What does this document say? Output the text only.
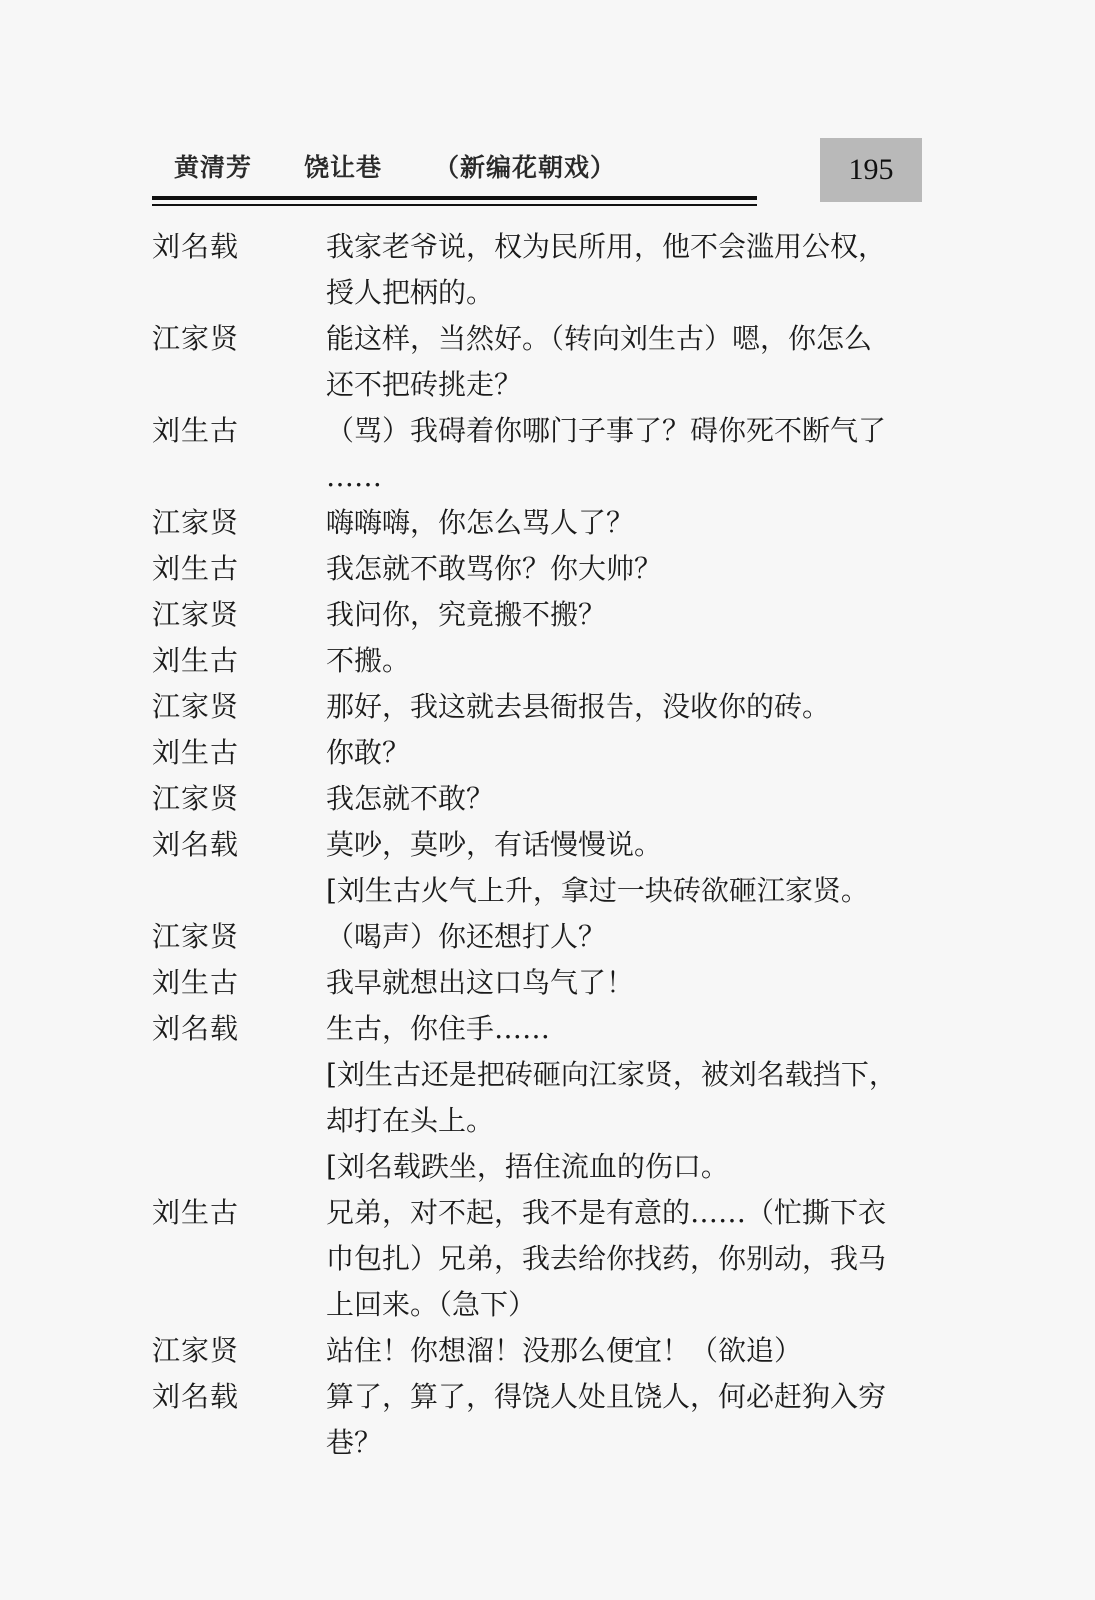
黄清芳 饶让巷 （新编花朝戏）	195
刘名载	我家老爷说，权为民所用，他不会滥用公权，
授人把柄的。
江家贤	能这样，当然好。（转向刘生古）嗯，你怎么
还不把砖挑走？
刘生古	（骂）我碍着你哪门子事了？碍你死不断气了
……
江家贤	嗨嗨嗨，你怎么骂人了？
刘生古	我怎就不敢骂你？你大帅？
江家贤	我问你，究竟搬不搬？
刘生古	不搬。
江家贤	那好，我这就去县衙报告，没收你的砖。
刘生古	你敢？
江家贤	我怎就不敢？
刘名载	莫吵，莫吵，有话慢慢说。
[刘生古火气上升，拿过一块砖欲砸江家贤。
江家贤	（喝声）你还想打人？
刘生古	我早就想出这口鸟气了！
刘名载	生古，你住手……
[刘生古还是把砖砸向江家贤，被刘名载挡下，
却打在头上。
[刘名载跌坐，捂住流血的伤口。
刘生古	兄弟，对不起，我不是有意的……（忙撕下衣
巾包扎）兄弟，我去给你找药，你别动，我马
上回来。（急下）
江家贤	站住！你想溜！没那么便宜！（欲追）
刘名载	算了，算了，得饶人处且饶人，何必赶狗入穷
巷？
